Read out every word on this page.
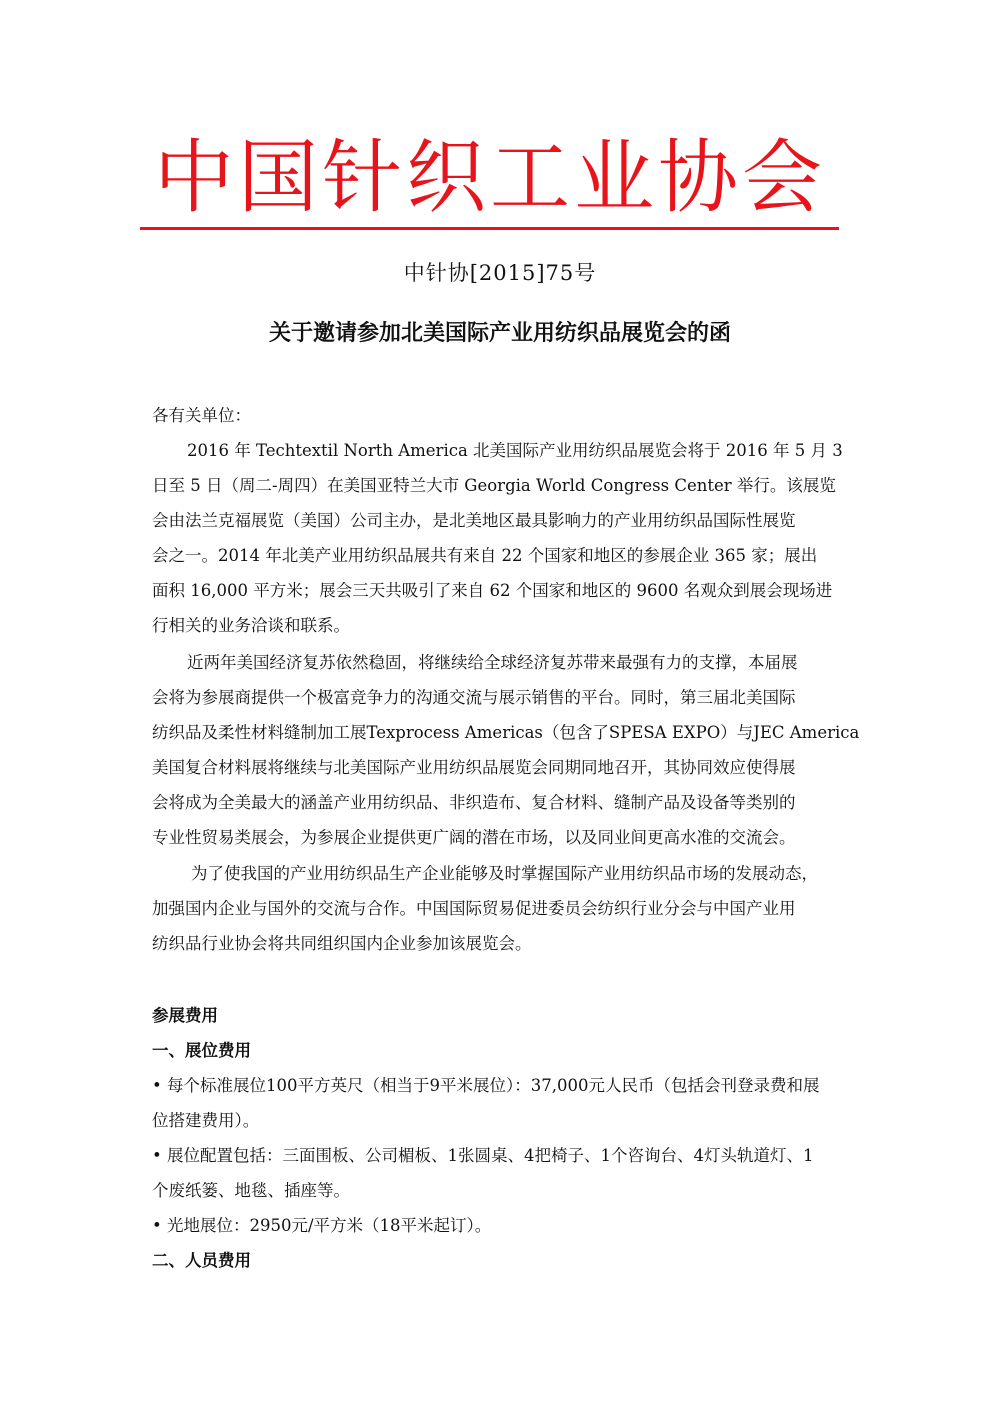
中国针织工业协会
中针协[2015]75号
关于邀请参加北美国际产业用纺织品展览会的函
各有关单位：
2016 年 Techtextil North America 北美国际产业用纺织品展览会将于 2016 年 5 月 3
日至 5 日（周二-周四）在美国亚特兰大市 Georgia World Congress Center 举行。该展览
会由法兰克福展览（美国）公司主办，是北美地区最具影响力的产业用纺织品国际性展览
会之一。2014 年北美产业用纺织品展共有来自 22 个国家和地区的参展企业 365 家；展出
面积 16,000 平方米；展会三天共吸引了来自 62 个国家和地区的 9600 名观众到展会现场进
行相关的业务洽谈和联系。
近两年美国经济复苏依然稳固，将继续给全球经济复苏带来最强有力的支撑，本届展
会将为参展商提供一个极富竞争力的沟通交流与展示销售的平台。同时，第三届北美国际
纺织品及柔性材料缝制加工展Texprocess Americas（包含了SPESA EXPO）与JEC America
美国复合材料展将继续与北美国际产业用纺织品展览会同期同地召开，其协同效应使得展
会将成为全美最大的涵盖产业用纺织品、非织造布、复合材料、缝制产品及设备等类别的
专业性贸易类展会，为参展企业提供更广阔的潜在市场，以及同业间更高水准的交流会。
为了使我国的产业用纺织品生产企业能够及时掌握国际产业用纺织品市场的发展动态，
加强国内企业与国外的交流与合作。中国国际贸易促进委员会纺织行业分会与中国产业用
纺织品行业协会将共同组织国内企业参加该展览会。
参展费用
一、展位费用
• 每个标准展位100平方英尺（相当于9平米展位）：37,000元人民币（包括会刊登录费和展
位搭建费用）。
• 展位配置包括：三面围板、公司楣板、1张圆桌、4把椅子、1个咨询台、4灯头轨道灯、1
个废纸篓、地毯、插座等。
• 光地展位：2950元/平方米（18平米起订）。
二、人员费用
